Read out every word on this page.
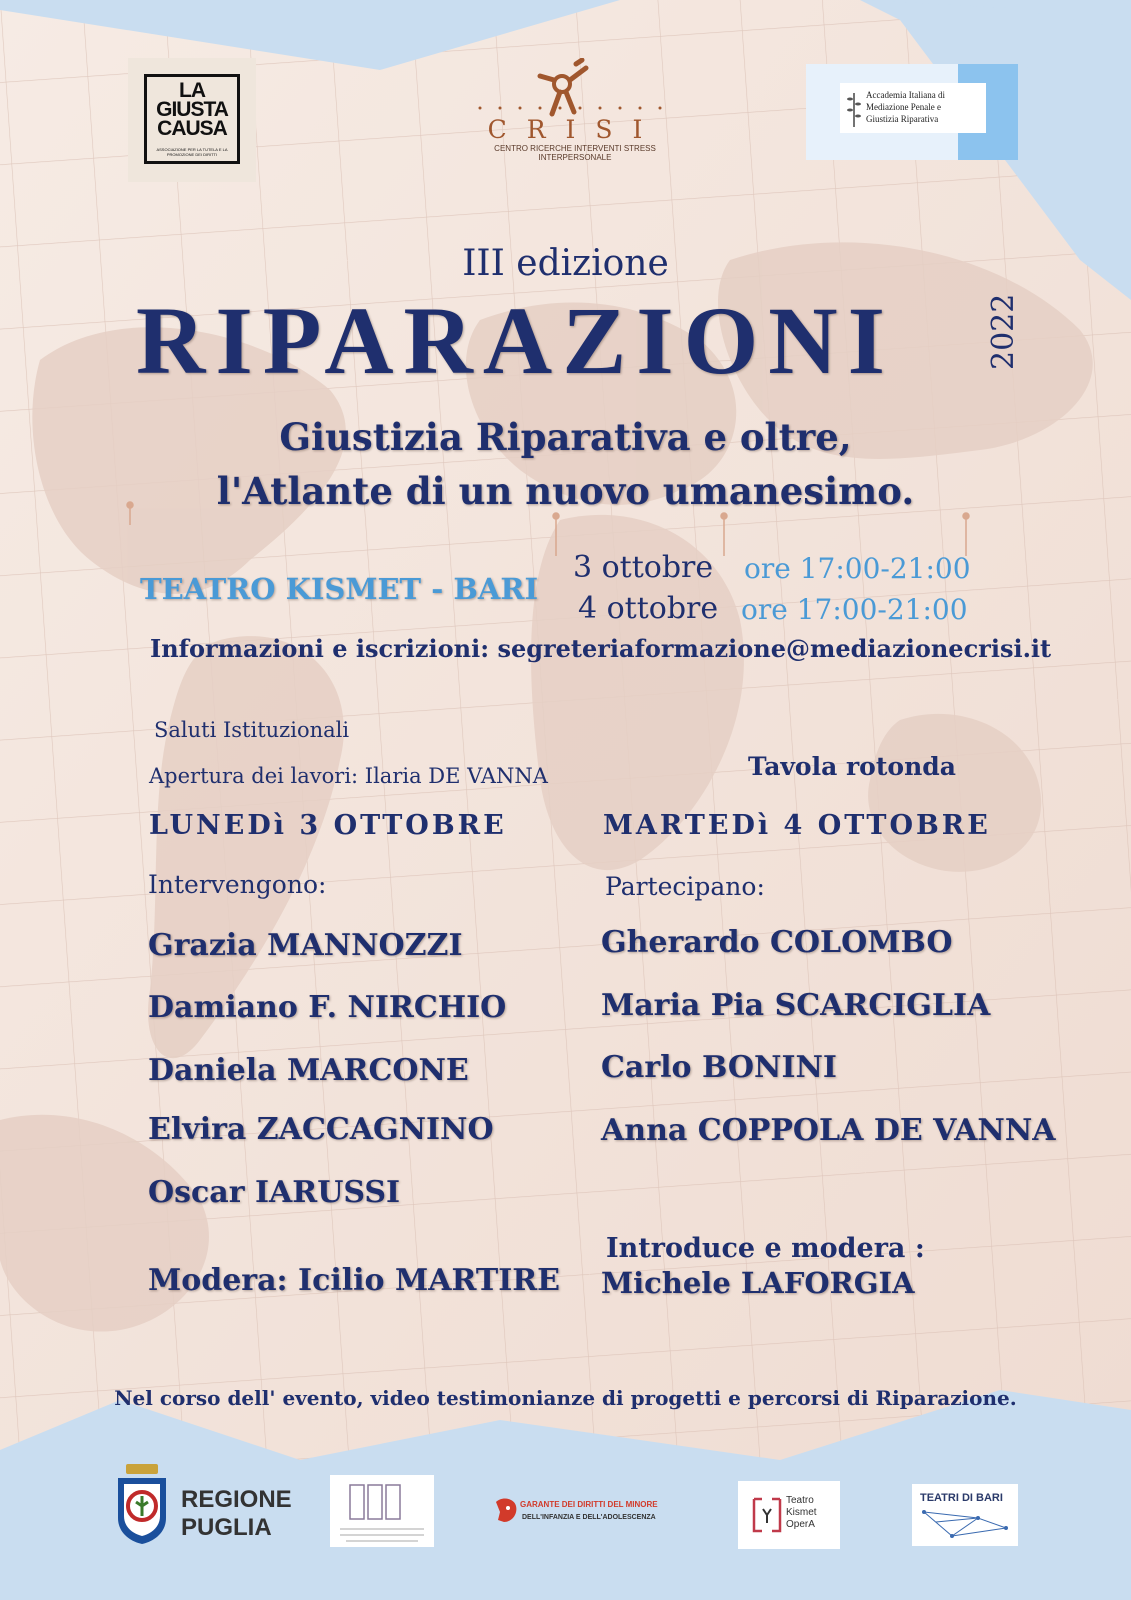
LA
GIUSTA
CAUSA
ASSOCIAZIONE PER LA TUTELA E LA PROMOZIONE DEI DIRITTI
CRISI
CENTRO RICERCHE INTERVENTI STRESS INTERPERSONALE
Accademia Italiana di
Mediazione Penale e
Giustizia Riparativa
III edizione
RIPARAZIONI	2022
Giustizia Riparativa e oltre,
l'Atlante di un nuovo umanesimo.
TEATRO KISMET - BARI
3 ottobre ore 17:00-21:00
4 ottobre ore 17:00-21:00
Informazioni e iscrizioni: segreteriaformazione@mediazionecrisi.it
Saluti Istituzionali
Apertura dei lavori: Ilaria DE VANNA
LUNEDì 3 OTTOBRE
Intervengono:
Grazia MANNOZZI
Damiano F. NIRCHIO
Daniela MARCONE
Elvira ZACCAGNINO
Oscar IARUSSI
Modera: Icilio MARTIRE
Tavola rotonda
MARTEDì 4 OTTOBRE
Partecipano:
Gherardo COLOMBO
Maria Pia SCARCIGLIA
Carlo BONINI
Anna COPPOLA DE VANNA
Introduce e modera :
Michele LAFORGIA
Nel corso dell' evento, video testimonianze di progetti e percorsi di Riparazione.
REGIONE
PUGLIA
GARANTE DEI DIRITTI DEL MINORE
DELL'INFANZIA E DELL'ADOLESCENZA
Teatro
Kismet
OperA
TEATRI DI BARI
